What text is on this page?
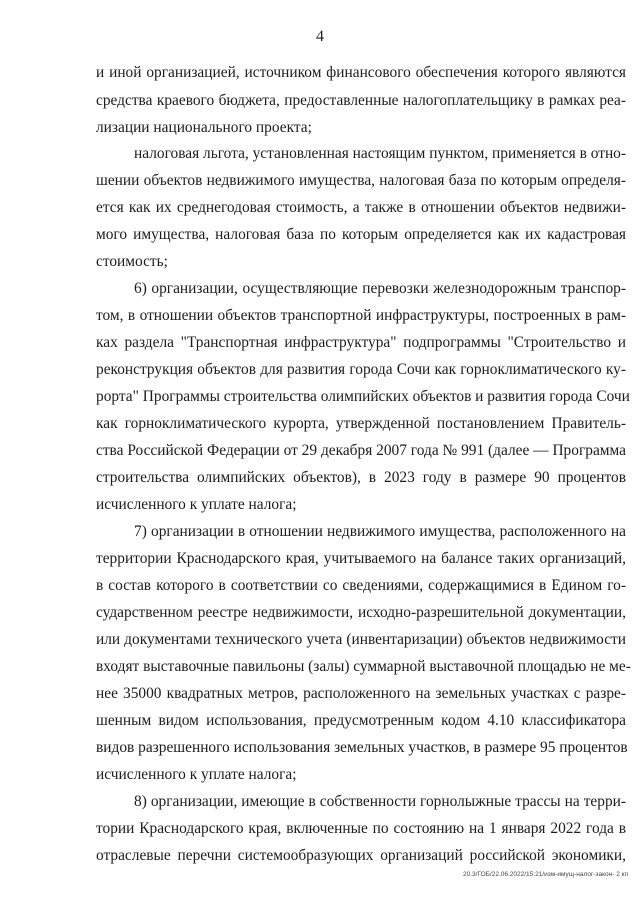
4
и иной организацией, источником финансового обеспечения которого являются
средства краевого бюджета, предоставленные налогоплательщику в рамках реа-
лизации национального проекта;
налоговая льгота, установленная настоящим пунктом, применяется в отно-
шении объектов недвижимого имущества, налоговая база по которым определя-
ется как их среднегодовая стоимость, а также в отношении объектов недвижи-
мого имущества, налоговая база по которым определяется как их кадастровая
стоимость;
6) организации, осуществляющие перевозки железнодорожным транспор-
том, в отношении объектов транспортной инфраструктуры, построенных в рам-
ках раздела "Транспортная инфраструктура" подпрограммы "Строительство и
реконструкция объектов для развития города Сочи как горноклиматического ку-
рорта" Программы строительства олимпийских объектов и развития города Сочи
как горноклиматического курорта, утвержденной постановлением Правитель-
ства Российской Федерации от 29 декабря 2007 года № 991 (далее — Программа
строительства олимпийских объектов), в 2023 году в размере 90 процентов
исчисленного к уплате налога;
7) организации в отношении недвижимого имущества, расположенного на
территории Краснодарского края, учитываемого на балансе таких организаций,
в состав которого в соответствии со сведениями, содержащимися в Едином го-
сударственном реестре недвижимости, исходно-разрешительной документации,
или документами технического учета (инвентаризации) объектов недвижимости
входят выставочные павильоны (залы) суммарной выставочной площадью не ме-
нее 35000 квадратных метров, расположенного на земельных участках с разре-
шенным видом использования, предусмотренным кодом 4.10 классификатора
видов разрешенного использования земельных участков, в размере 95 процентов
исчисленного к уплате налога;
8) организации, имеющие в собственности горнолыжные трассы на терри-
тории Краснодарского края, включенные по состоянию на 1 января 2022 года в
отраслевые перечни системообразующих организаций российской экономики,
20.3/ГОБ/22.06.2022/15:21/изм-имущ-налог-закон- 2 кп
